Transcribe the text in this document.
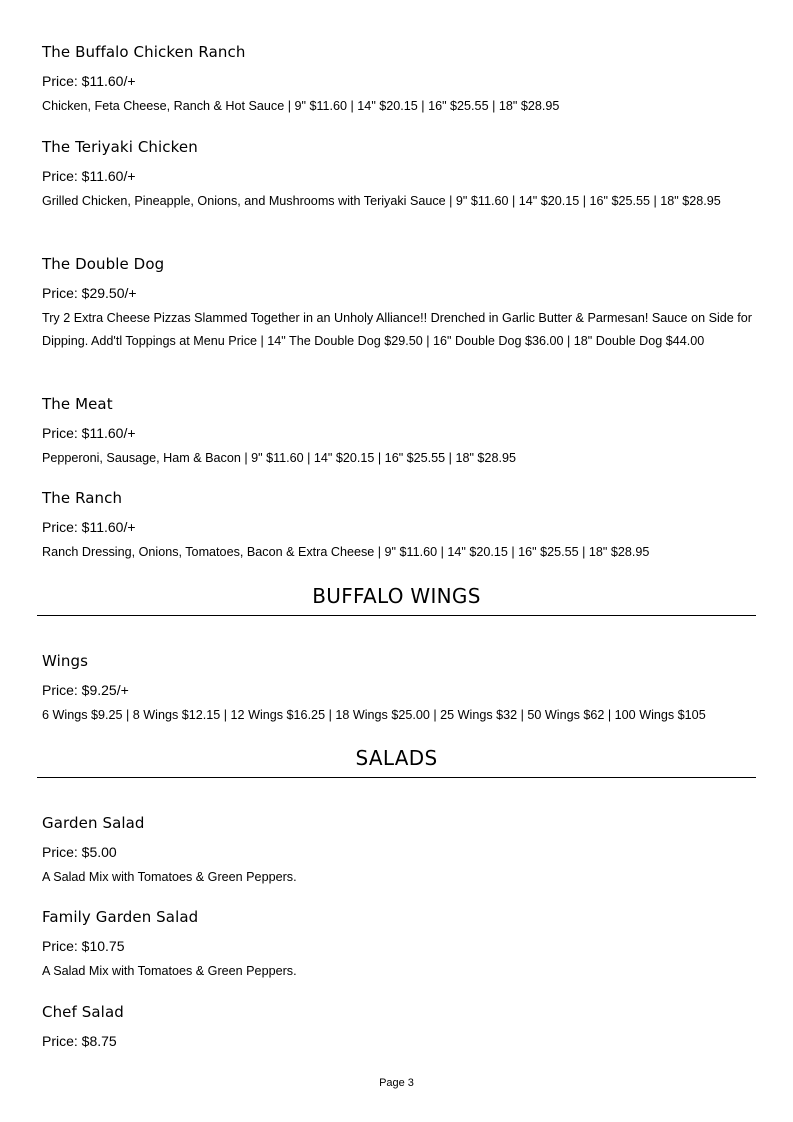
The Buffalo Chicken Ranch
Price: $11.60/+
Chicken, Feta Cheese, Ranch & Hot Sauce | 9" $11.60 | 14" $20.15 | 16" $25.55 | 18" $28.95
The Teriyaki Chicken
Price: $11.60/+
Grilled Chicken, Pineapple, Onions, and Mushrooms with Teriyaki Sauce | 9" $11.60 | 14" $20.15 | 16" $25.55 | 18" $28.95
The Double Dog
Price: $29.50/+
Try 2 Extra Cheese Pizzas Slammed Together in an Unholy Alliance!! Drenched in Garlic Butter & Parmesan! Sauce on Side for Dipping. Add'tl Toppings at Menu Price | 14" The Double Dog $29.50 | 16" Double Dog $36.00 | 18" Double Dog $44.00
The Meat
Price: $11.60/+
Pepperoni, Sausage, Ham & Bacon | 9" $11.60 | 14" $20.15 | 16" $25.55 | 18" $28.95
The Ranch
Price: $11.60/+
Ranch Dressing, Onions, Tomatoes, Bacon & Extra Cheese | 9" $11.60 | 14" $20.15 | 16" $25.55 | 18" $28.95
BUFFALO WINGS
Wings
Price: $9.25/+
6 Wings $9.25 | 8 Wings $12.15 | 12 Wings $16.25 | 18 Wings $25.00 | 25 Wings $32 | 50 Wings $62 | 100 Wings $105
SALADS
Garden Salad
Price: $5.00
A Salad Mix with Tomatoes & Green Peppers.
Family Garden Salad
Price: $10.75
A Salad Mix with Tomatoes & Green Peppers.
Chef Salad
Price: $8.75
Page 3
